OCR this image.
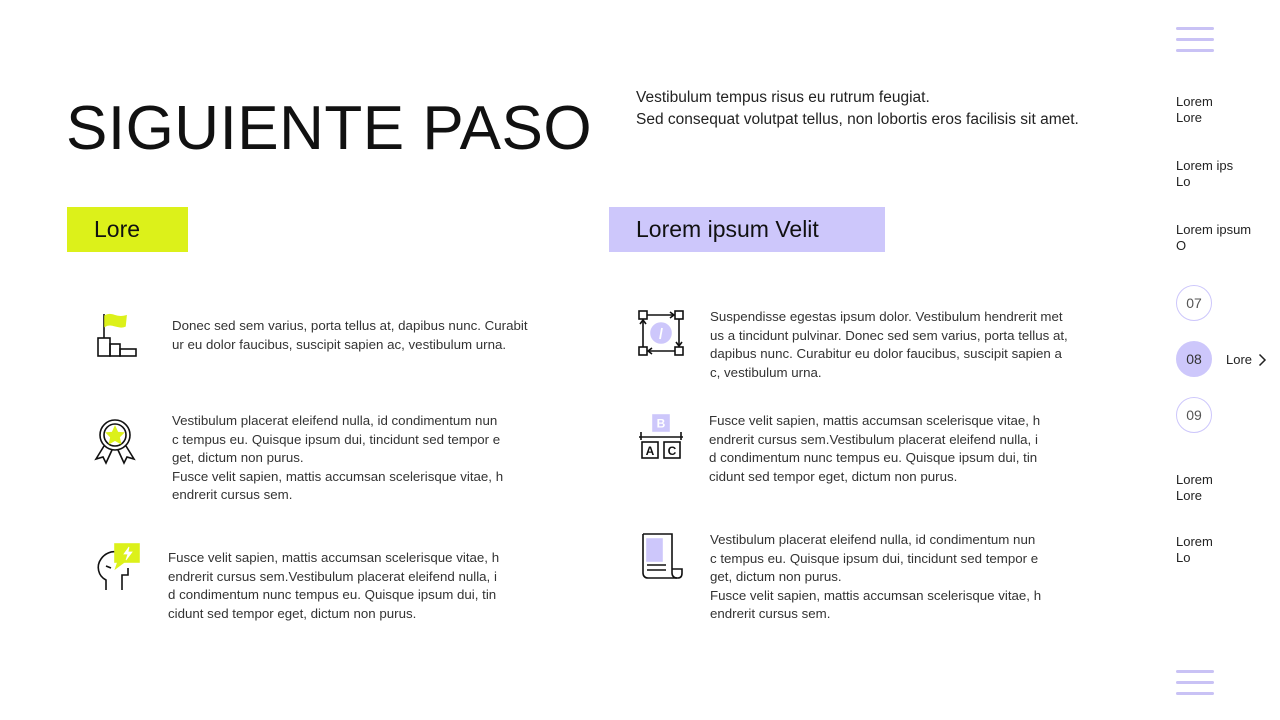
SIGUIENTE PASO	Vestibulum tempus risus eu rutrum feugiat.
Sed consequat volutpat tellus, non lobortis eros facilisis sit amet.
Lore	Lorem ipsum Velit
Donec sed sem varius, porta tellus at, dapibus nunc. Curabit
ur eu dolor faucibus, suscipit sapien ac, vestibulum urna.
Vestibulum placerat eleifend nulla, id condimentum nun
c tempus eu. Quisque ipsum dui, tincidunt sed tempor e
get, dictum non purus.
Fusce velit sapien, mattis accumsan scelerisque vitae, h
endrerit cursus sem.
Fusce velit sapien, mattis accumsan scelerisque vitae, h
endrerit cursus sem.Vestibulum placerat eleifend nulla, i
d condimentum nunc tempus eu. Quisque ipsum dui, tin
cidunt sed tempor eget, dictum non purus.
Suspendisse egestas ipsum dolor. Vestibulum hendrerit met
us a tincidunt pulvinar. Donec sed sem varius, porta tellus at,
dapibus nunc. Curabitur eu dolor faucibus, suscipit sapien a
c, vestibulum urna.
B
A C
Fusce velit sapien, mattis accumsan scelerisque vitae, h
endrerit cursus sem.Vestibulum placerat eleifend nulla, i
d condimentum nunc tempus eu. Quisque ipsum dui, tin
cidunt sed tempor eget, dictum non purus.
Vestibulum placerat eleifend nulla, id condimentum nun
c tempus eu. Quisque ipsum dui, tincidunt sed tempor e
get, dictum non purus.
Fusce velit sapien, mattis accumsan scelerisque vitae, h
endrerit cursus sem.
Lorem
Lore
Lorem ips
Lo
Lorem ipsum
O
07
08	Lore
09
Lorem
Lore
Lorem
Lo
